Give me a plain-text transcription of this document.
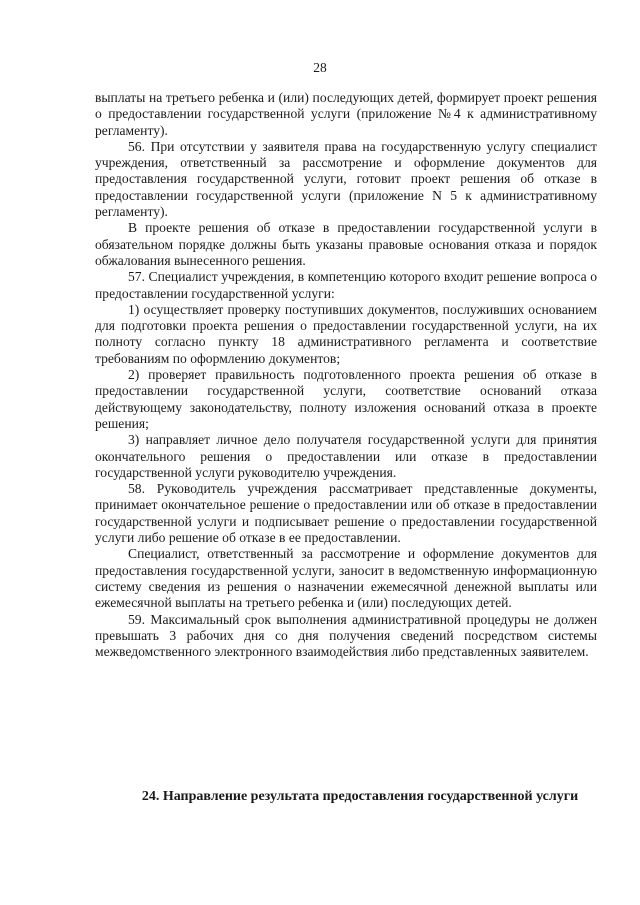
28

выплаты на третьего ребенка и (или) последующих детей, формирует проект решения о предоставлении государственной услуги (приложение №4 к административному регламенту).

56. При отсутствии у заявителя права на государственную услугу специалист учреждения, ответственный за рассмотрение и оформление документов для предоставления государственной услуги, готовит проект решения об отказе в предоставлении государственной услуги (приложение N 5 к административному регламенту).

В проекте решения об отказе в предоставлении государственной услуги в обязательном порядке должны быть указаны правовые основания отказа и порядок обжалования вынесенного решения.

57. Специалист учреждения, в компетенцию которого входит решение вопроса о предоставлении государственной услуги:

1) осуществляет проверку поступивших документов, послуживших основанием для подготовки проекта решения о предоставлении государственной услуги, на их полноту согласно пункту 18 административного регламента и соответствие требованиям по оформлению документов;

2) проверяет правильность подготовленного проекта решения об отказе в предоставлении государственной услуги, соответствие оснований отказа действующему законодательству, полноту изложения оснований отказа в проекте решения;

3) направляет личное дело получателя государственной услуги для принятия окончательного решения о предоставлении или отказе в предоставлении государственной услуги руководителю учреждения.

58. Руководитель учреждения рассматривает представленные документы, принимает окончательное решение о предоставлении или об отказе в предоставлении государственной услуги и подписывает решение о предоставлении государственной услуги либо решение об отказе в ее предоставлении.

Специалист, ответственный за рассмотрение и оформление документов для предоставления государственной услуги, заносит в ведомственную информационную систему сведения из решения о назначении ежемесячной денежной выплаты или ежемесячной выплаты на третьего ребенка и (или) последующих детей.

59. Максимальный срок выполнения административной процедуры не должен превышать 3 рабочих дня со дня получения сведений посредством системы межведомственного электронного взаимодействия либо представленных заявителем.

24. Направление результата предоставления государственной услуги
